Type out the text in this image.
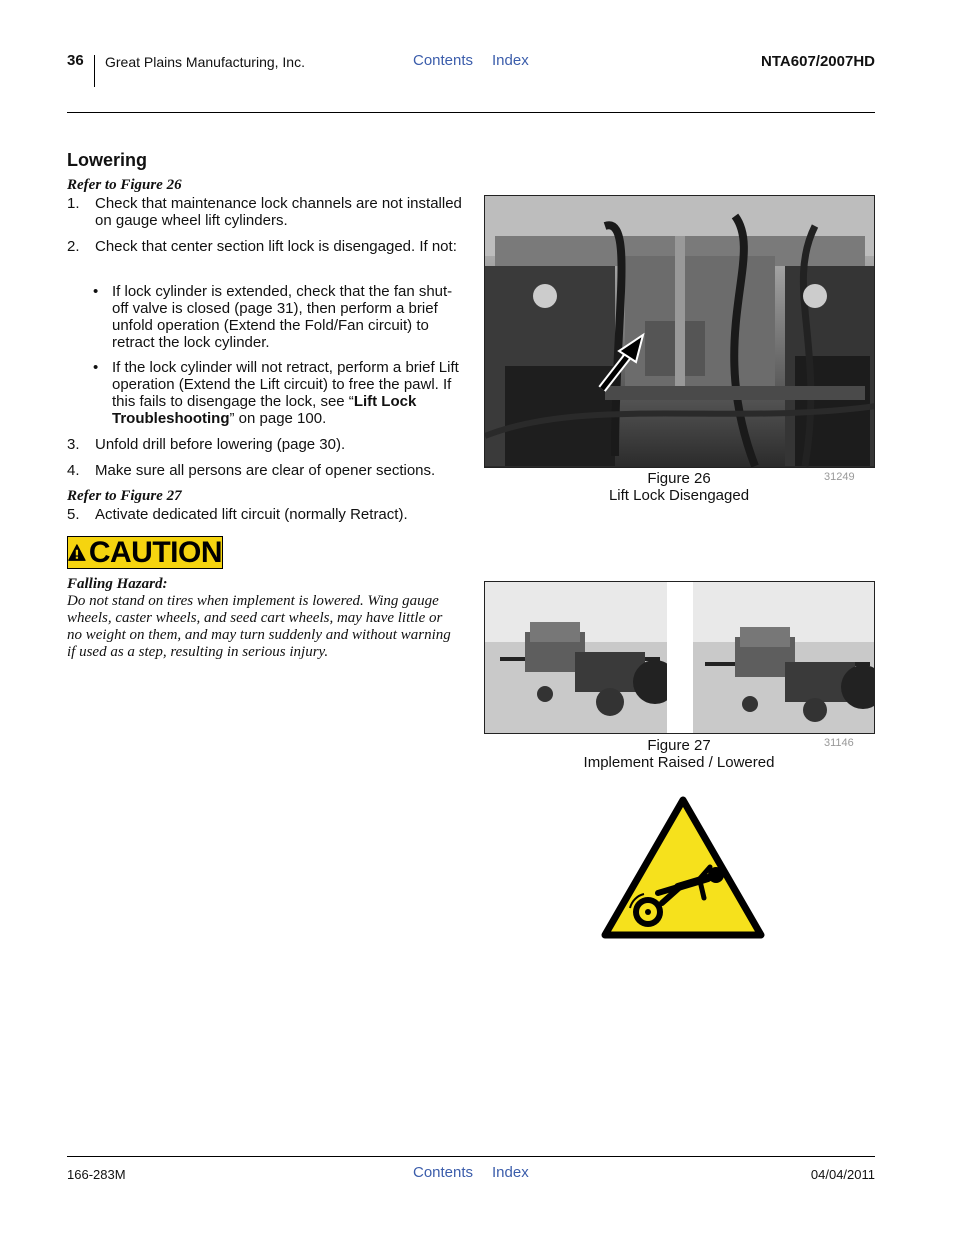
36 Great Plains Manufacturing, Inc.	Contents Index	NTA607/2007HD
Lowering
Refer to Figure 26
1. Check that maintenance lock channels are not installed on gauge wheel lift cylinders.
2. Check that center section lift lock is disengaged. If not:
• If lock cylinder is extended, check that the fan shut-off valve is closed (page 31), then perform a brief unfold operation (Extend the Fold/Fan circuit) to retract the lock cylinder.
• If the lock cylinder will not retract, perform a brief Lift operation (Extend the Lift circuit) to free the pawl. If this fails to disengage the lock, see “Lift Lock Troubleshooting” on page 100.
3. Unfold drill before lowering (page 30).
4. Make sure all persons are clear of opener sections.
Refer to Figure 27
5. Activate dedicated lift circuit (normally Retract).
CAUTION
Falling Hazard:
Do not stand on tires when implement is lowered. Wing gauge wheels, caster wheels, and seed cart wheels, may have little or no weight on them, and may turn suddenly and without warning if used as a step, resulting in serious injury.
Figure 26
Lift Lock Disengaged
31249
Figure 27
Implement Raised / Lowered
31146
166-283M	Contents Index	04/04/2011
